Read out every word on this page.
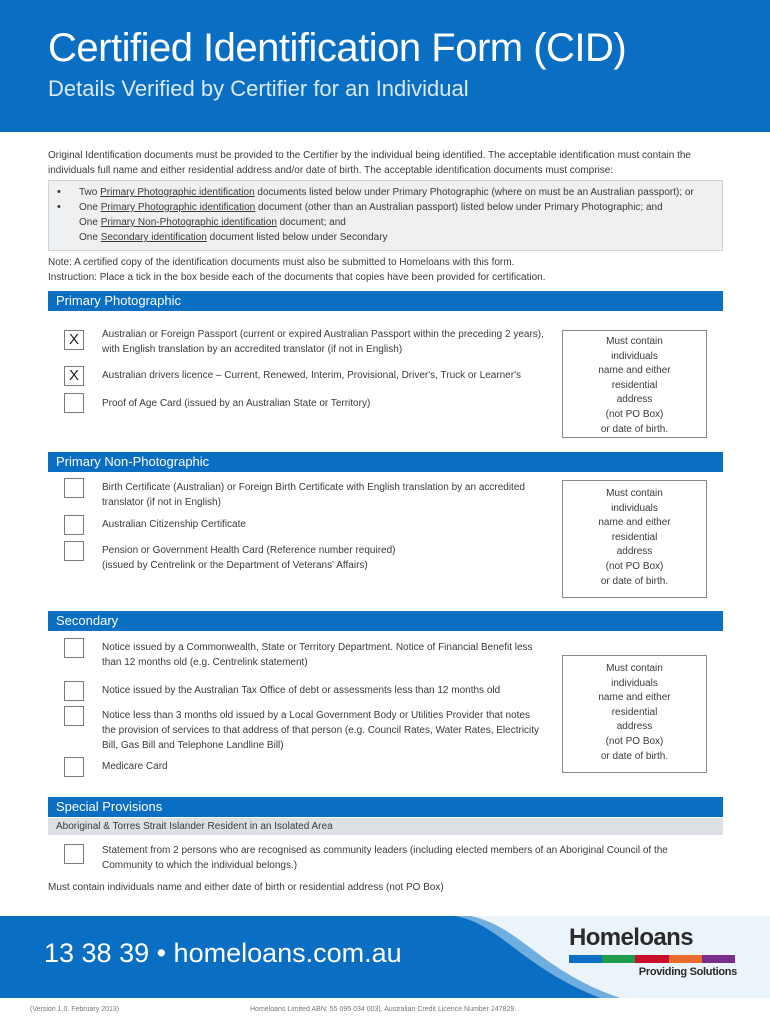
Certified Identification Form (CID)
Details Verified by Certifier for an Individual
Original Identification documents must be provided to the Certifier by the individual being identified. The acceptable identification must contain the
individuals full name and either residential address and/or date of birth. The acceptable identification documents must comprise:
• Two Primary Photographic identification documents listed below under Primary Photographic (where on must be an Australian passport); or
• One Primary Photographic identification document (other than an Australian passport) listed below under Primary Photographic; and
One Primary Non-Photographic identification document; and
One Secondary identification document listed below under Secondary
Note: A certified copy of the identification documents must also be submitted to Homeloans with this form.
Instruction: Place a tick in the box beside each of the documents that copies have been provided for certification.
Primary Photographic
X	Australian or Foreign Passport (current or expired Australian Passport within the preceding 2 years),
with English translation by an accredited translator (if not in English)
X	Australian drivers licence – Current, Renewed, Interim, Provisional, Driver's, Truck or Learner's
Proof of Age Card (issued by an Australian State or Territory)
Must contain
individuals
name and either
residential
address
(not PO Box)
or date of birth.
Primary Non-Photographic
Birth Certificate (Australian) or Foreign Birth Certificate with English translation by an accredited
translator (if not in English)
Australian Citizenship Certificate
Pension or Government Health Card (Reference number required)
(issued by Centrelink or the Department of Veterans' Affairs)
Must contain
individuals
name and either
residential
address
(not PO Box)
or date of birth.
Secondary
Notice issued by a Commonwealth, State or Territory Department. Notice of Financial Benefit less
than 12 months old (e.g. Centrelink statement)
Notice issued by the Australian Tax Office of debt or assessments less than 12 months old
Notice less than 3 months old issued by a Local Government Body or Utilities Provider that notes
the provision of services to that address of that person (e.g. Council Rates, Water Rates, Electricity
Bill, Gas Bill and Telephone Landline Bill)
Medicare Card
Must contain
individuals
name and either
residential
address
(not PO Box)
or date of birth.
Special Provisions
Aboriginal & Torres Strait Islander Resident in an Isolated Area
Statement from 2 persons who are recognised as community leaders (including elected members of an Aboriginal Council of the
Community to which the individual belongs.)
Must contain individuals name and either date of birth or residential address (not PO Box)
13 38 39 • homeloans.com.au
Homeloans
Providing Solutions
(Version 1.0. February 2013)	Homeloans Limited ABN: 55 095 034 003), Australian Credit Licence Number 247829.
